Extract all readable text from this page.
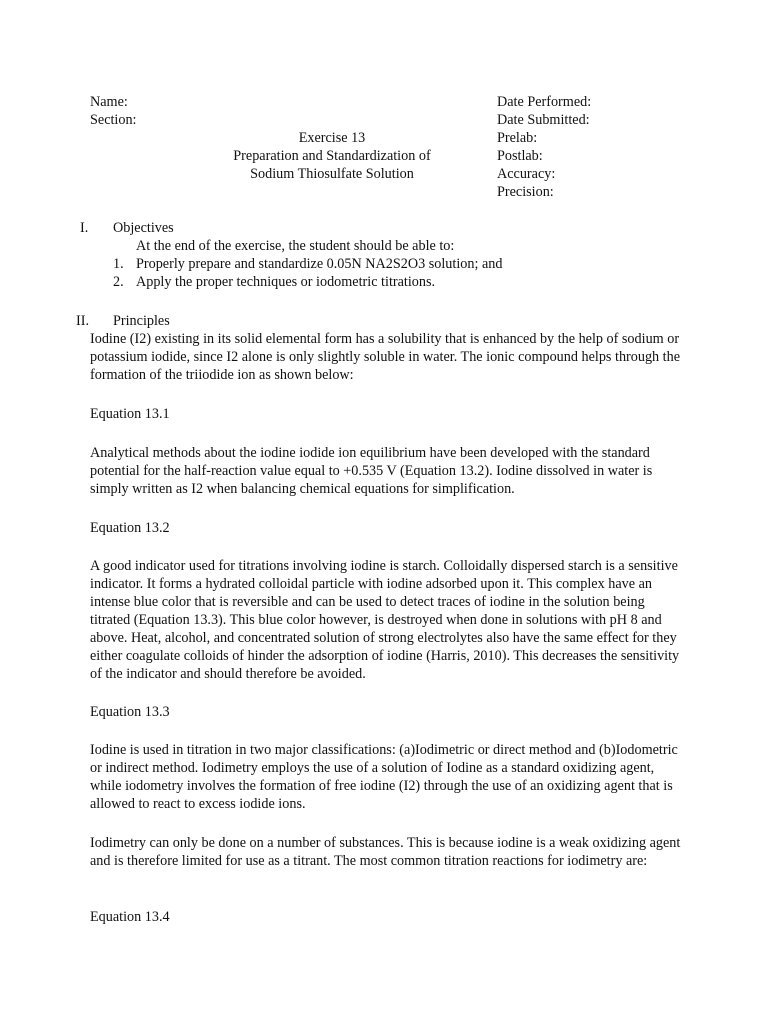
Name:
Section:
Exercise 13
Preparation and Standardization of
Sodium Thiosulfate Solution
Date Performed:
Date Submitted:
Prelab:
Postlab:
Accuracy:
Precision:
I. Objectives
At the end of the exercise, the student should be able to:
1. Properly prepare and standardize 0.05N NA2S2O3 solution; and
2. Apply the proper techniques or iodometric titrations.
II. Principles
Iodine (I2) existing in its solid elemental form has a solubility that is enhanced by the help of sodium or potassium iodide, since I2 alone is only slightly soluble in water. The ionic compound helps through the formation of the triiodide ion as shown below:
Equation 13.1
Analytical methods about the iodine iodide ion equilibrium have been developed with the standard potential for the half-reaction value equal to +0.535 V (Equation 13.2). Iodine dissolved in water is simply written as I2 when balancing chemical equations for simplification.
Equation 13.2
A good indicator used for titrations involving iodine is starch. Colloidally dispersed starch is a sensitive indicator. It forms a hydrated colloidal particle with iodine adsorbed upon it. This complex have an intense blue color that is reversible and can be used to detect traces of iodine in the solution being titrated (Equation 13.3). This blue color however, is destroyed when done in solutions with pH 8 and above. Heat, alcohol, and concentrated solution of strong electrolytes also have the same effect for they either coagulate colloids of hinder the adsorption of iodine (Harris, 2010). This decreases the sensitivity of the indicator and should therefore be avoided.
Equation 13.3
Iodine is used in titration in two major classifications: (a)Iodimetric or direct method and (b)Iodometric or indirect method. Iodimetry employs the use of a solution of Iodine as a standard oxidizing agent, while iodometry involves the formation of free iodine (I2) through the use of an oxidizing agent that is allowed to react to excess iodide ions.
Iodimetry can only be done on a number of substances. This is because iodine is a weak oxidizing agent and is therefore limited for use as a titrant. The most common titration reactions for iodimetry are:
Equation 13.4
